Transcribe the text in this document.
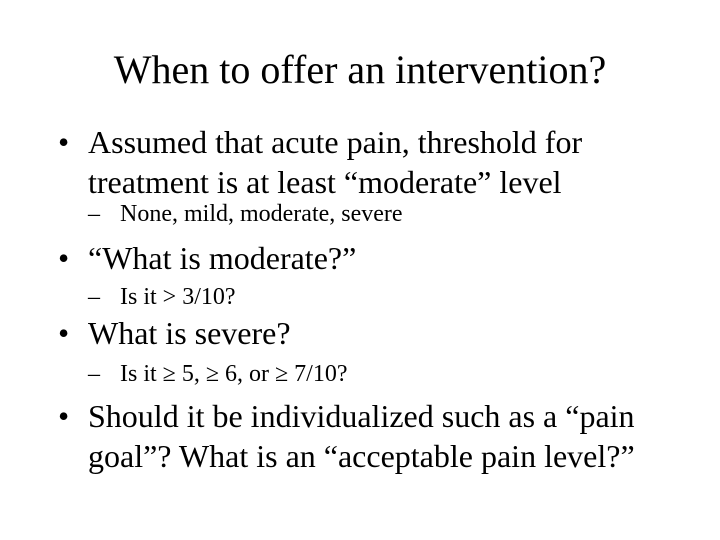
When to offer an intervention?
• Assumed that acute pain, threshold for
treatment is at least “moderate” level
– None, mild, moderate, severe
• “What is moderate?”
– Is it > 3/10?
• What is severe?
– Is it ≥ 5, ≥ 6, or ≥ 7/10?
• Should it be individualized such as a “pain
goal”? What is an “acceptable pain level?”
